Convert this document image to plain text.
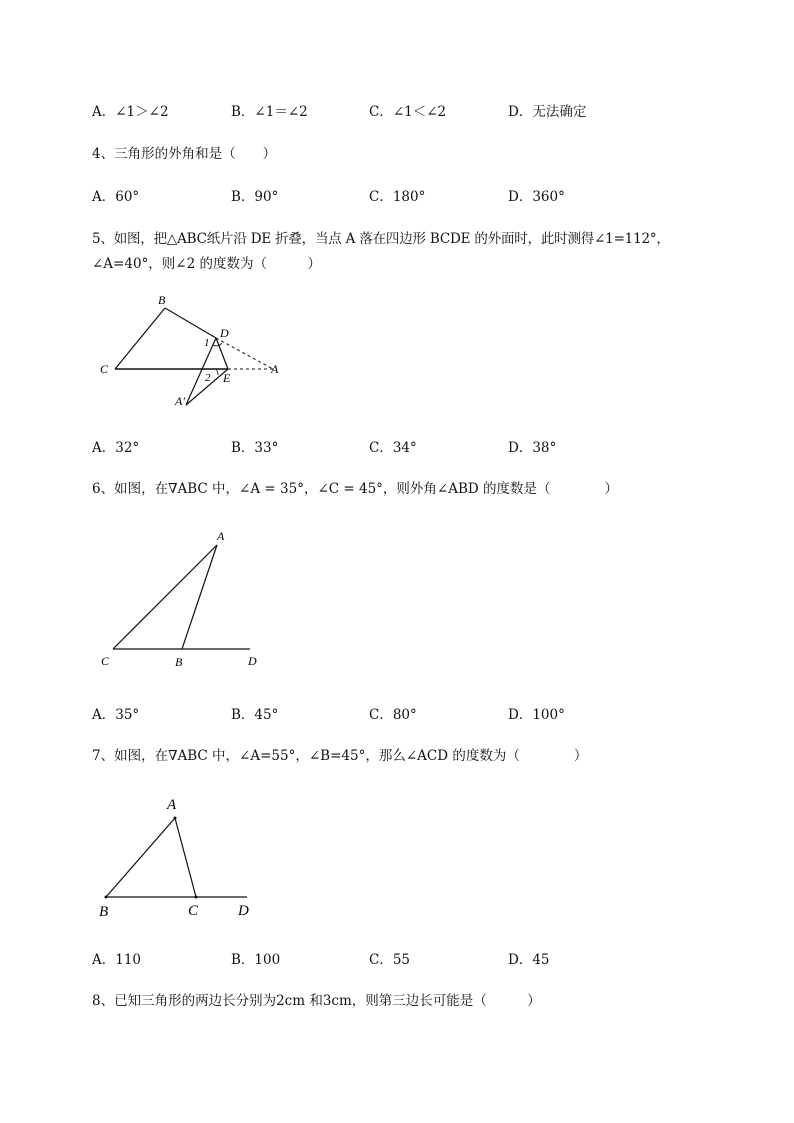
A．∠1＞∠2	B．∠1＝∠2	C．∠1＜∠2	D．无法确定
4、三角形的外角和是（　　）
A．60°	B．90°	C．180°	D．360°
5、如图，把△ABC纸片沿 DE 折叠，当点 A 落在四边形 BCDE 的外面时，此时测得∠1=112°，
∠A=40°，则∠2 的度数为（　　　）
B
D
1
C
2 E
A
A′
A．32°	B．33°	C．34°	D．38°
6、如图，在∇ABC 中，∠A = 35°，∠C = 45°，则外角∠ABD 的度数是（　　　　）
A
C	B	D
A．35°	B．45°	C．80°	D．100°
7、如图，在∇ABC 中，∠A=55°，∠B=45°，那么∠ACD 的度数为（　　　　）
A
B	C	D
A．110	B．100	C．55	D．45
8、已知三角形的两边长分别为2cm 和3cm，则第三边长可能是（　　　）
